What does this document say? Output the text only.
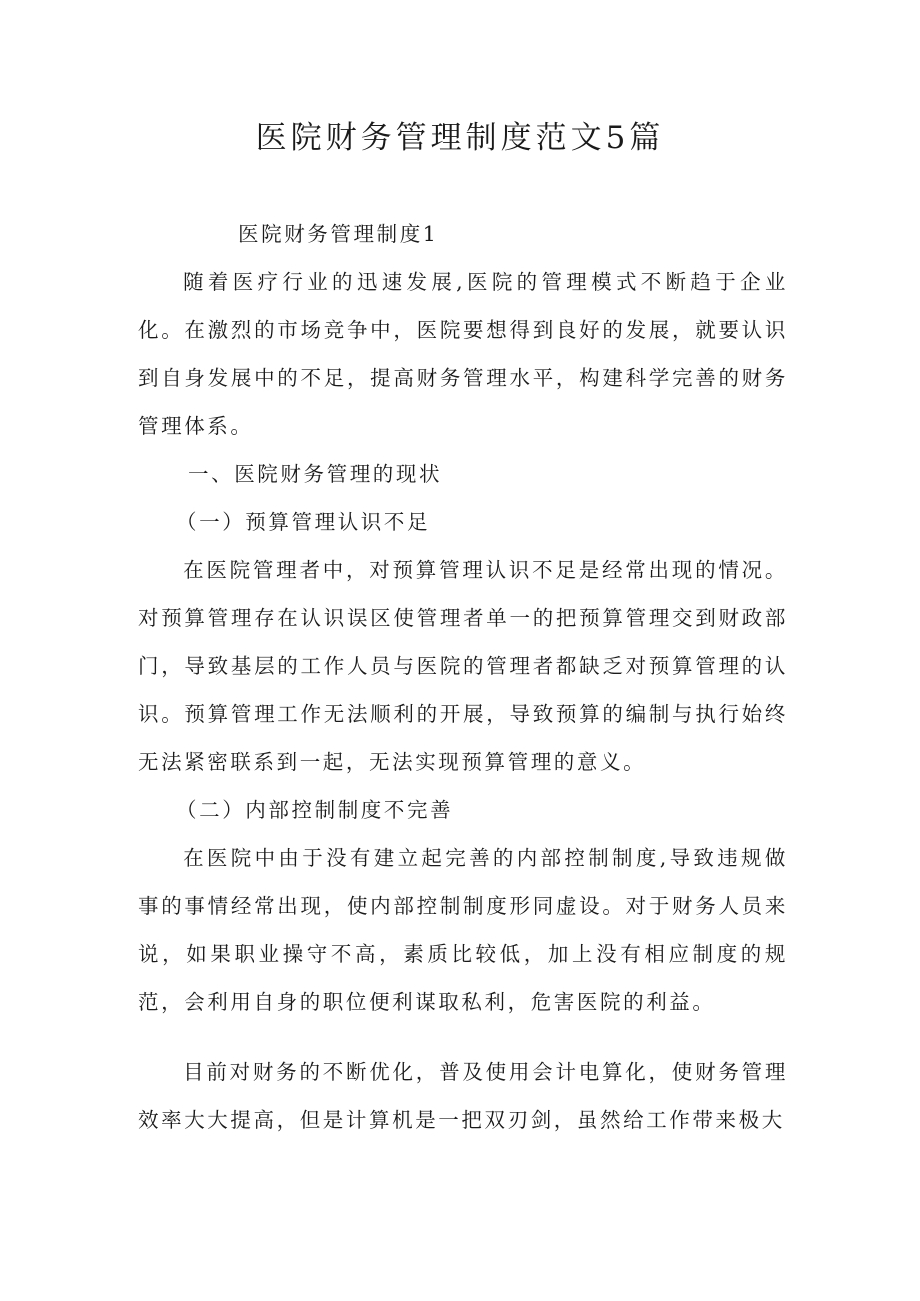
医院财务管理制度范文5篇

医院财务管理制度1

随着医疗行业的迅速发展,医院的管理模式不断趋于企业化。在激烈的市场竞争中，医院要想得到良好的发展，就要认识到自身发展中的不足，提高财务管理水平，构建科学完善的财务管理体系。

一、医院财务管理的现状

（一）预算管理认识不足

在医院管理者中，对预算管理认识不足是经常出现的情况。对预算管理存在认识误区使管理者单一的把预算管理交到财政部门，导致基层的工作人员与医院的管理者都缺乏对预算管理的认识。预算管理工作无法顺利的开展，导致预算的编制与执行始终无法紧密联系到一起，无法实现预算管理的意义。

（二）内部控制制度不完善

在医院中由于没有建立起完善的内部控制制度,导致违规做事的事情经常出现，使内部控制制度形同虚设。对于财务人员来说，如果职业操守不高，素质比较低，加上没有相应制度的规范，会利用自身的职位便利谋取私利，危害医院的利益。

目前对财务的不断优化，普及使用会计电算化，使财务管理效率大大提高，但是计算机是一把双刃剑，虽然给工作带来极大
